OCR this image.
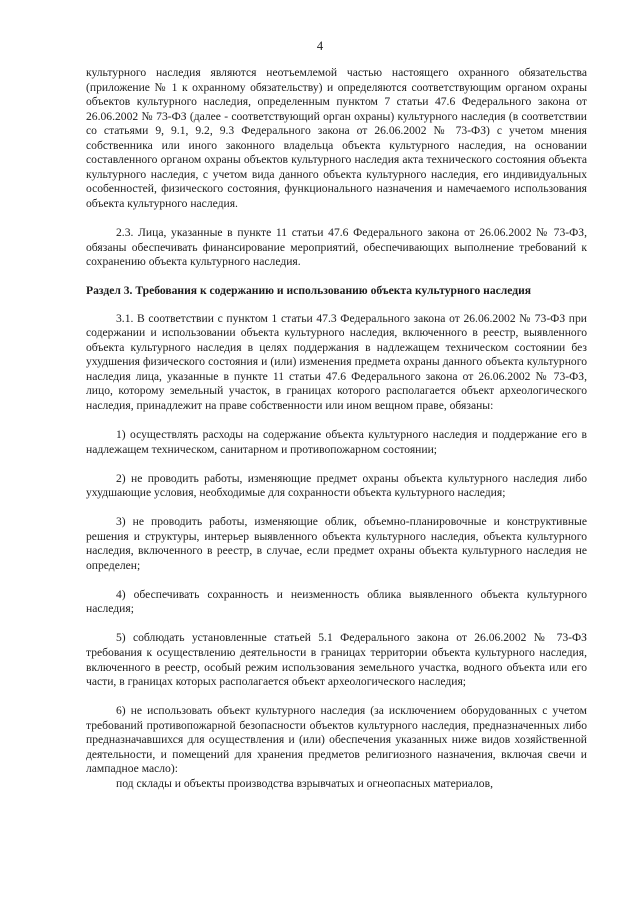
4

культурного наследия являются неотъемлемой частью настоящего охранного обязательства (приложение № 1 к охранному обязательству) и определяются соответствующим органом охраны объектов культурного наследия, определенным пунктом 7 статьи 47.6 Федерального закона от 26.06.2002 № 73-ФЗ (далее - соответствующий орган охраны) культурного наследия (в соответствии со статьями 9, 9.1, 9.2, 9.3 Федерального закона от 26.06.2002 № 73-ФЗ) с учетом мнения собственника или иного законного владельца объекта культурного наследия, на основании составленного органом охраны объектов культурного наследия акта технического состояния объекта культурного наследия, с учетом вида данного объекта культурного наследия, его индивидуальных особенностей, физического состояния, функционального назначения и намечаемого использования объекта культурного наследия.

2.3. Лица, указанные в пункте 11 статьи 47.6 Федерального закона от 26.06.2002 № 73-ФЗ, обязаны обеспечивать финансирование мероприятий, обеспечивающих выполнение требований к сохранению объекта культурного наследия.

Раздел 3. Требования к содержанию и использованию объекта культурного наследия

3.1. В соответствии с пунктом 1 статьи 47.3 Федерального закона от 26.06.2002 № 73-ФЗ при содержании и использовании объекта культурного наследия, включенного в реестр, выявленного объекта культурного наследия в целях поддержания в надлежащем техническом состоянии без ухудшения физического состояния и (или) изменения предмета охраны данного объекта культурного наследия лица, указанные в пункте 11 статьи 47.6 Федерального закона от 26.06.2002 № 73-ФЗ, лицо, которому земельный участок, в границах которого располагается объект археологического наследия, принадлежит на праве собственности или ином вещном праве, обязаны:

1) осуществлять расходы на содержание объекта культурного наследия и поддержание его в надлежащем техническом, санитарном и противопожарном состоянии;

2) не проводить работы, изменяющие предмет охраны объекта культурного наследия либо ухудшающие условия, необходимые для сохранности объекта культурного наследия;

3) не проводить работы, изменяющие облик, объемно-планировочные и конструктивные решения и структуры, интерьер выявленного объекта культурного наследия, объекта культурного наследия, включенного в реестр, в случае, если предмет охраны объекта культурного наследия не определен;

4) обеспечивать сохранность и неизменность облика выявленного объекта культурного наследия;

5) соблюдать установленные статьей 5.1 Федерального закона от 26.06.2002 № 73-ФЗ требования к осуществлению деятельности в границах территории объекта культурного наследия, включенного в реестр, особый режим использования земельного участка, водного объекта или его части, в границах которых располагается объект археологического наследия;

6) не использовать объект культурного наследия (за исключением оборудованных с учетом требований противопожарной безопасности объектов культурного наследия, предназначенных либо предназначавшихся для осуществления и (или) обеспечения указанных ниже видов хозяйственной деятельности, и помещений для хранения предметов религиозного назначения, включая свечи и лампадное масло):

под склады и объекты производства взрывчатых и огнеопасных материалов,
